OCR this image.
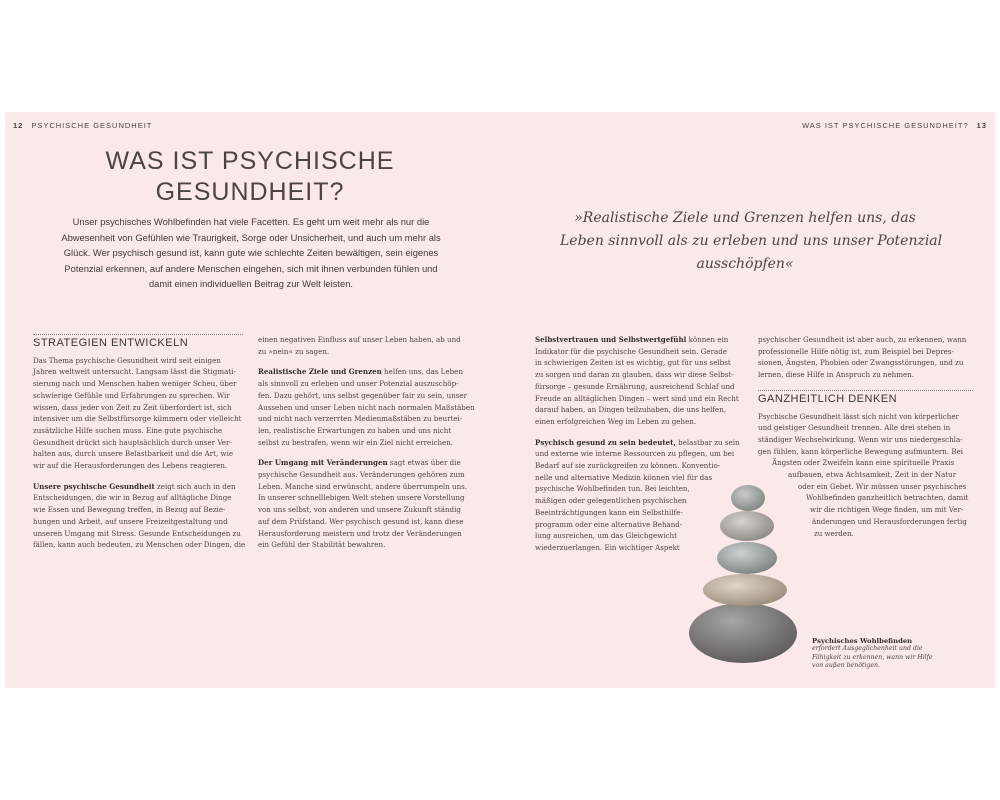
12 PSYCHISCHE GESUNDHEIT	WAS IST PSYCHISCHE GESUNDHEIT? 13
WAS IST PSYCHISCHE
GESUNDHEIT?
Unser psychisches Wohlbefinden hat viele Facetten. Es geht um weit mehr als nur die
Abwesenheit von Gefühlen wie Traurigkeit, Sorge oder Unsicherheit, und auch um mehr als
Glück. Wer psychisch gesund ist, kann gute wie schlechte Zeiten bewältigen, sein eigenes
Potenzial erkennen, auf andere Menschen eingehen, sich mit ihnen verbunden fühlen und
damit einen individuellen Beitrag zur Welt leisten.
»Realistische Ziele und Grenzen helfen uns, das
Leben sinnvoll als zu erleben und uns unser Potenzial
ausschöpfen«
STRATEGIEN ENTWICKELN

Das Thema psychische Gesundheit wird seit einigen
Jahren weltweit untersucht. Langsam lässt die Stigmati-
sierung nach und Menschen haben weniger Scheu, über
schwierige Gefühle und Erfahrungen zu sprechen. Wir
wissen, dass jeder von Zeit zu Zeit überfordert ist, sich
intensiver um die Selbstfürsorge kümmern oder vielleicht
zusätzliche Hilfe suchen muss. Eine gute psychische
Gesundheit drückt sich hauptsächlich durch unser Ver-
halten aus, durch unsere Belastbarkeit und die Art, wie
wir auf die Herausforderungen des Lebens reagieren.

Unsere psychische Gesundheit zeigt sich auch in den
Entscheidungen, die wir in Bezug auf alltägliche Dinge
wie Essen und Bewegung treffen, in Bezug auf Bezie-
hungen und Arbeit, auf unsere Freizeitgestaltung und
unseren Umgang mit Stress. Gesunde Entscheidungen zu
fällen, kann auch bedeuten, zu Menschen oder Dingen, die

einen negativen Einfluss auf unser Leben haben, ab und
zu »nein« zu sagen.

Realistische Ziele und Grenzen helfen uns, das Leben
als sinnvoll zu erleben und unser Potenzial auszuschöp-
fen. Dazu gehört, uns selbst gegenüber fair zu sein, unser
Aussehen und unser Leben nicht nach normalen Maßstäben
und nicht nach verzerrten Medienmaßstäben zu beurtei-
len, realistische Erwartungen zu haben und uns nicht
selbst zu bestrafen, wenn wir ein Ziel nicht erreichen.

Der Umgang mit Veränderungen sagt etwas über die
psychische Gesundheit aus. Veränderungen gehören zum
Leben. Manche sind erwünscht, andere überrumpeln uns.
In unserer schnelllebigen Welt stehen unsere Vorstellung
von uns selbst, von anderen und unsere Zukunft ständig
auf dem Prüfstand. Wer psychisch gesund ist, kann diese
Herausforderung meistern und trotz der Veränderungen
ein Gefühl der Stabilität bewahren.

Selbstvertrauen und Selbstwertgefühl können ein
Indikator für die psychische Gesundheit sein. Gerade
in schwierigen Zeiten ist es wichtig, gut für uns selbst
zu sorgen und daran zu glauben, dass wir diese Selbst-
fürsorge – gesunde Ernährung, ausreichend Schlaf und
Freude an alltäglichen Dingen – wert sind und ein Recht
darauf haben, an Dingen teilzuhaben, die uns helfen,
einen erfolgreichen Weg im Leben zu gehen.

Psychisch gesund zu sein bedeutet, belastbar zu sein
und externe wie interne Ressourcen zu pflegen, um bei
Bedarf auf sie zurückgreifen zu können. Konventio-
nelle und alternative Medizin können viel für das
psychische Wohlbefinden tun. Bei leichten,
mäßigen oder gelegentlichen psychischen
Beeinträchtigungen kann ein Selbsthilfe-
programm oder eine alternative Behand-
lung ausreichen, um das Gleichgewicht
wiederzuerlangen. Ein wichtiger Aspekt

psychischer Gesundheit ist aber auch, zu erkennen, wann
professionelle Hilfe nötig ist, zum Beispiel bei Depres-
sionen, Ängsten, Phobien oder Zwangsstörungen, und zu
lernen, diese Hilfe in Anspruch zu nehmen.

GANZHEITLICH DENKEN

Psychische Gesundheit lässt sich nicht von körperlicher
und geistiger Gesundheit trennen. Alle drei stehen in
ständiger Wechselwirkung. Wenn wir uns niedergeschla-
gen fühlen, kann körperliche Bewegung aufmuntern. Bei
Ängsten oder Zweifeln kann eine spirituelle Praxis
aufbauen, etwa Achtsamkeit, Zeit in der Natur
oder ein Gebet. Wir müssen unser psychisches
Wohlbefinden ganzheitlich betrachten, damit
wir die richtigen Wege finden, um mit Ver-
änderungen und Herausforderungen fertig
zu werden.

Psychisches Wohlbefinden
erfordert Ausgeglichenheit und die
Fähigkeit zu erkennen, wann wir Hilfe
von außen benötigen.
